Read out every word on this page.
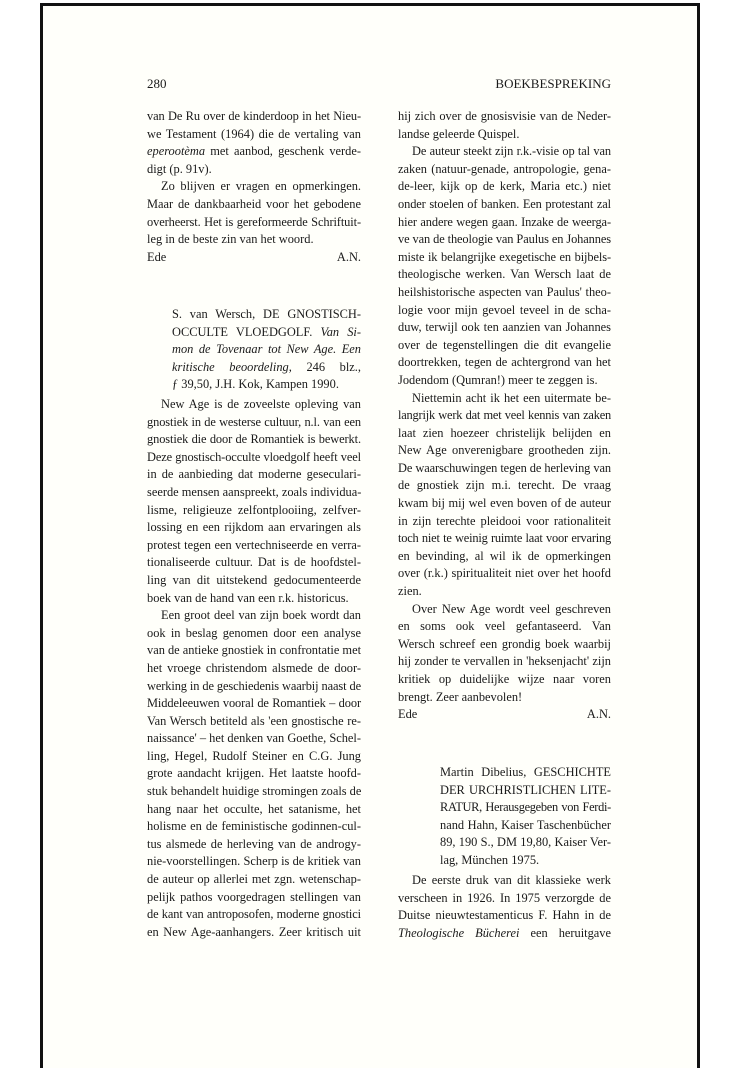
280	BOEKBESPREKING
van De Ru over de kinderdoop in het Nieu-
we Testament (1964) die de vertaling van
eperootèma met aanbod, geschenk verde-
digt (p. 91v).
Zo blijven er vragen en opmerkingen.
Maar de dankbaarheid voor het gebodene
overheerst. Het is gereformeerde Schriftuit-
leg in de beste zin van het woord.
Ede	A.N.
S. van Wersch, DE GNOSTISCH-
OCCULTE VLOEDGOLF. Van Si-
mon de Tovenaar tot New Age. Een
kritische beoordeling, 246 blz.,
ƒ 39,50, J.H. Kok, Kampen 1990.
New Age is de zoveelste opleving van
gnostiek in de westerse cultuur, n.l. van een
gnostiek die door de Romantiek is bewerkt.
Deze gnostisch-occulte vloedgolf heeft veel
in de aanbieding dat moderne geseculari-
seerde mensen aanspreekt, zoals individua-
lisme, religieuze zelfontplooiing, zelfver-
lossing en een rijkdom aan ervaringen als
protest tegen een vertechniseerde en verra-
tionaliseerde cultuur. Dat is de hoofdstel-
ling van dit uitstekend gedocumenteerde
boek van de hand van een r.k. historicus.
Een groot deel van zijn boek wordt dan
ook in beslag genomen door een analyse
van de antieke gnostiek in confrontatie met
het vroege christendom alsmede de door-
werking in de geschiedenis waarbij naast de
Middeleeuwen vooral de Romantiek – door
Van Wersch betiteld als 'een gnostische re-
naissance' – het denken van Goethe, Schel-
ling, Hegel, Rudolf Steiner en C.G. Jung
grote aandacht krijgen. Het laatste hoofd-
stuk behandelt huidige stromingen zoals de
hang naar het occulte, het satanisme, het
holisme en de feministische godinnen-cul-
tus alsmede de herleving van de androgy-
nie-voorstellingen. Scherp is de kritiek van
de auteur op allerlei met zgn. wetenschap-
pelijk pathos voorgedragen stellingen van
de kant van antroposofen, moderne gnostici
en New Age-aanhangers. Zeer kritisch uit
hij zich over de gnosisvisie van de Neder-
landse geleerde Quispel.
De auteur steekt zijn r.k.-visie op tal van
zaken (natuur-genade, antropologie, gena-
de-leer, kijk op de kerk, Maria etc.) niet
onder stoelen of banken. Een protestant zal
hier andere wegen gaan. Inzake de weerga-
ve van de theologie van Paulus en Johannes
miste ik belangrijke exegetische en bijbels-
theologische werken. Van Wersch laat de
heilshistorische aspecten van Paulus' theo-
logie voor mijn gevoel teveel in de scha-
duw, terwijl ook ten aanzien van Johannes
over de tegenstellingen die dit evangelie
doortrekken, tegen de achtergrond van het
Jodendom (Qumran!) meer te zeggen is.
Niettemin acht ik het een uitermate be-
langrijk werk dat met veel kennis van zaken
laat zien hoezeer christelijk belijden en
New Age onverenigbare grootheden zijn.
De waarschuwingen tegen de herleving van
de gnostiek zijn m.i. terecht. De vraag
kwam bij mij wel even boven of de auteur
in zijn terechte pleidooi voor rationaliteit
toch niet te weinig ruimte laat voor ervaring
en bevinding, al wil ik de opmerkingen
over (r.k.) spiritualiteit niet over het hoofd
zien.
Over New Age wordt veel geschreven
en soms ook veel gefantaseerd. Van
Wersch schreef een grondig boek waarbij
hij zonder te vervallen in 'heksenjacht' zijn
kritiek op duidelijke wijze naar voren
brengt. Zeer aanbevolen!
Ede	A.N.
Martin Dibelius, GESCHICHTE
DER URCHRISTLICHEN LITE-
RATUR, Herausgegeben von Ferdi-
nand Hahn, Kaiser Taschenbücher
89, 190 S., DM 19,80, Kaiser Ver-
lag, München 1975.
De eerste druk van dit klassieke werk
verscheen in 1926. In 1975 verzorgde de
Duitse nieuwtestamenticus F. Hahn in de
Theologische Bücherei een heruitgave
